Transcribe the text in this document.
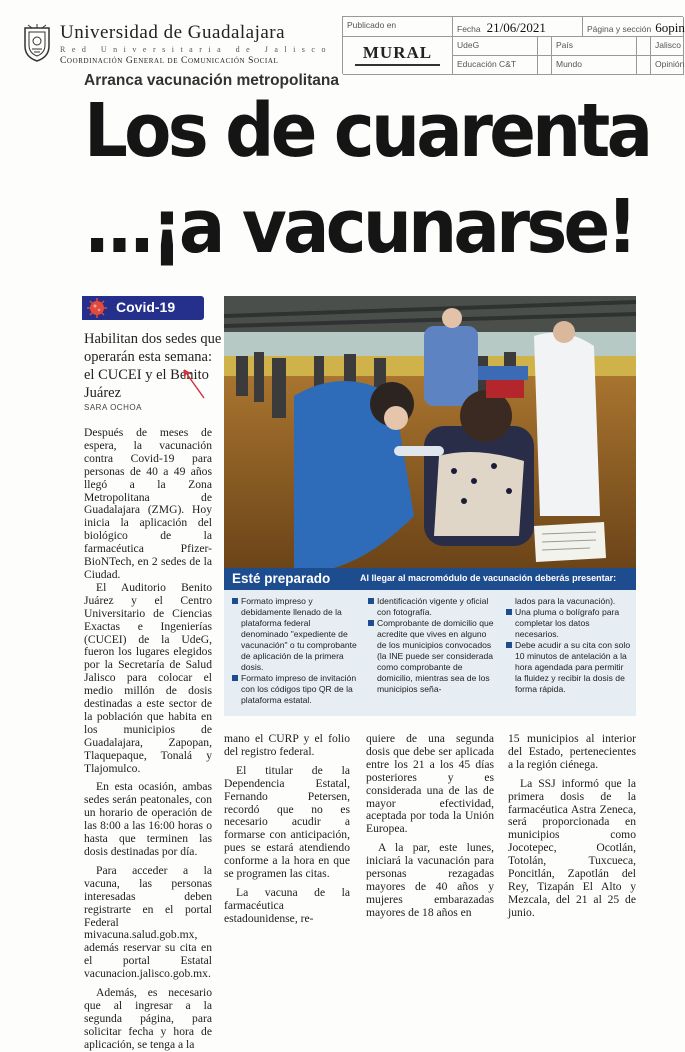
Universidad de Guadalajara
Red Universitaria de Jalisco
Coordinación General de Comunicación Social
Publicado en	Fecha 21/06/2021	Página y sección 6opin
MURAL	UdeG	País	Jalisco
Educación C&T	Mundo	Opinión
Arranca vacunación metropolitana
Los de cuarenta
...¡a vacunarse!
Covid-19
Habilitan dos sedes que operarán esta semana: el CUCEI y el Benito Juárez
SARA OCHOA

Después de meses de espera, la vacunación contra Covid-19 para personas de 40 a 49 años llegó a la Zona Metropolitana de Guadalajara (ZMG). Hoy inicia la aplicación del biológico de la farmacéutica Pfizer-BioNTech, en 2 sedes de la Ciudad.

El Auditorio Benito Juárez y el Centro Universitario de Ciencias Exactas e Ingenierías (CUCEI) de la UdeG, fueron los lugares elegidos por la Secretaría de Salud Jalisco para colocar el medio millón de dosis destinadas a este sector de la población que habita en los municipios de Guadalajara, Zapopan, Tlaquepaque, Tonalá y Tlajomulco.

En esta ocasión, ambas sedes serán peatonales, con un horario de operación de las 8:00 a las 16:00 horas o hasta que terminen las dosis destinadas por día.

Para acceder a la vacuna, las personas interesadas deben registrarte en el portal Federal mivacuna.salud.gob.mx, además reservar su cita en el portal Estatal vacunacion.jalisco.gob.mx.

Además, es necesario que al ingresar a la segunda página, para solicitar fecha y hora de aplicación, se tenga a la

Esté preparado	Al llegar al macromódulo de vacunación deberás presentar:
Formato impreso y debidamente llenado de la plataforma federal denominado "expediente de vacunación" o tu comprobante de aplicación de la primera dosis.
Formato impreso de invitación con los códigos tipo QR de la plataforma estatal.
Identificación vigente y oficial con fotografía.
Comprobante de domicilio que acredite que vives en alguno de los municipios convocados (la INE puede ser considerada como comprobante de domicilio, mientras sea de los municipios seña-
lados para la vacunación).
Una pluma o bolígrafo para completar los datos necesarios.
Debe acudir a su cita con solo 10 minutos de antelación a la hora agendada para permitir la fluidez y recibir la dosis de forma rápida.

mano el CURP y el folio del registro federal.

El titular de la Dependencia Estatal, Fernando Petersen, recordó que no es necesario acudir a formarse con anticipación, pues se estará atendiendo conforme a la hora en que se programen las citas.

La vacuna de la farmacéutica estadounidense, re-

quiere de una segunda dosis que debe ser aplicada entre los 21 a los 45 días posteriores y es considerada una de las de mayor efectividad, aceptada por toda la Unión Europea.

A la par, este lunes, iniciará la vacunación para personas rezagadas mayores de 40 años y mujeres embarazadas mayores de 18 años en

15 municipios al interior del Estado, pertenecientes a la región ciénega.

La SSJ informó que la primera dosis de la farmacéutica Astra Zeneca, será proporcionada en municipios como Jocotepec, Ocotlán, Totolán, Tuxcueca, Poncitlán, Zapotlán del Rey, Tizapán El Alto y Mezcala, del 21 al 25 de junio.
